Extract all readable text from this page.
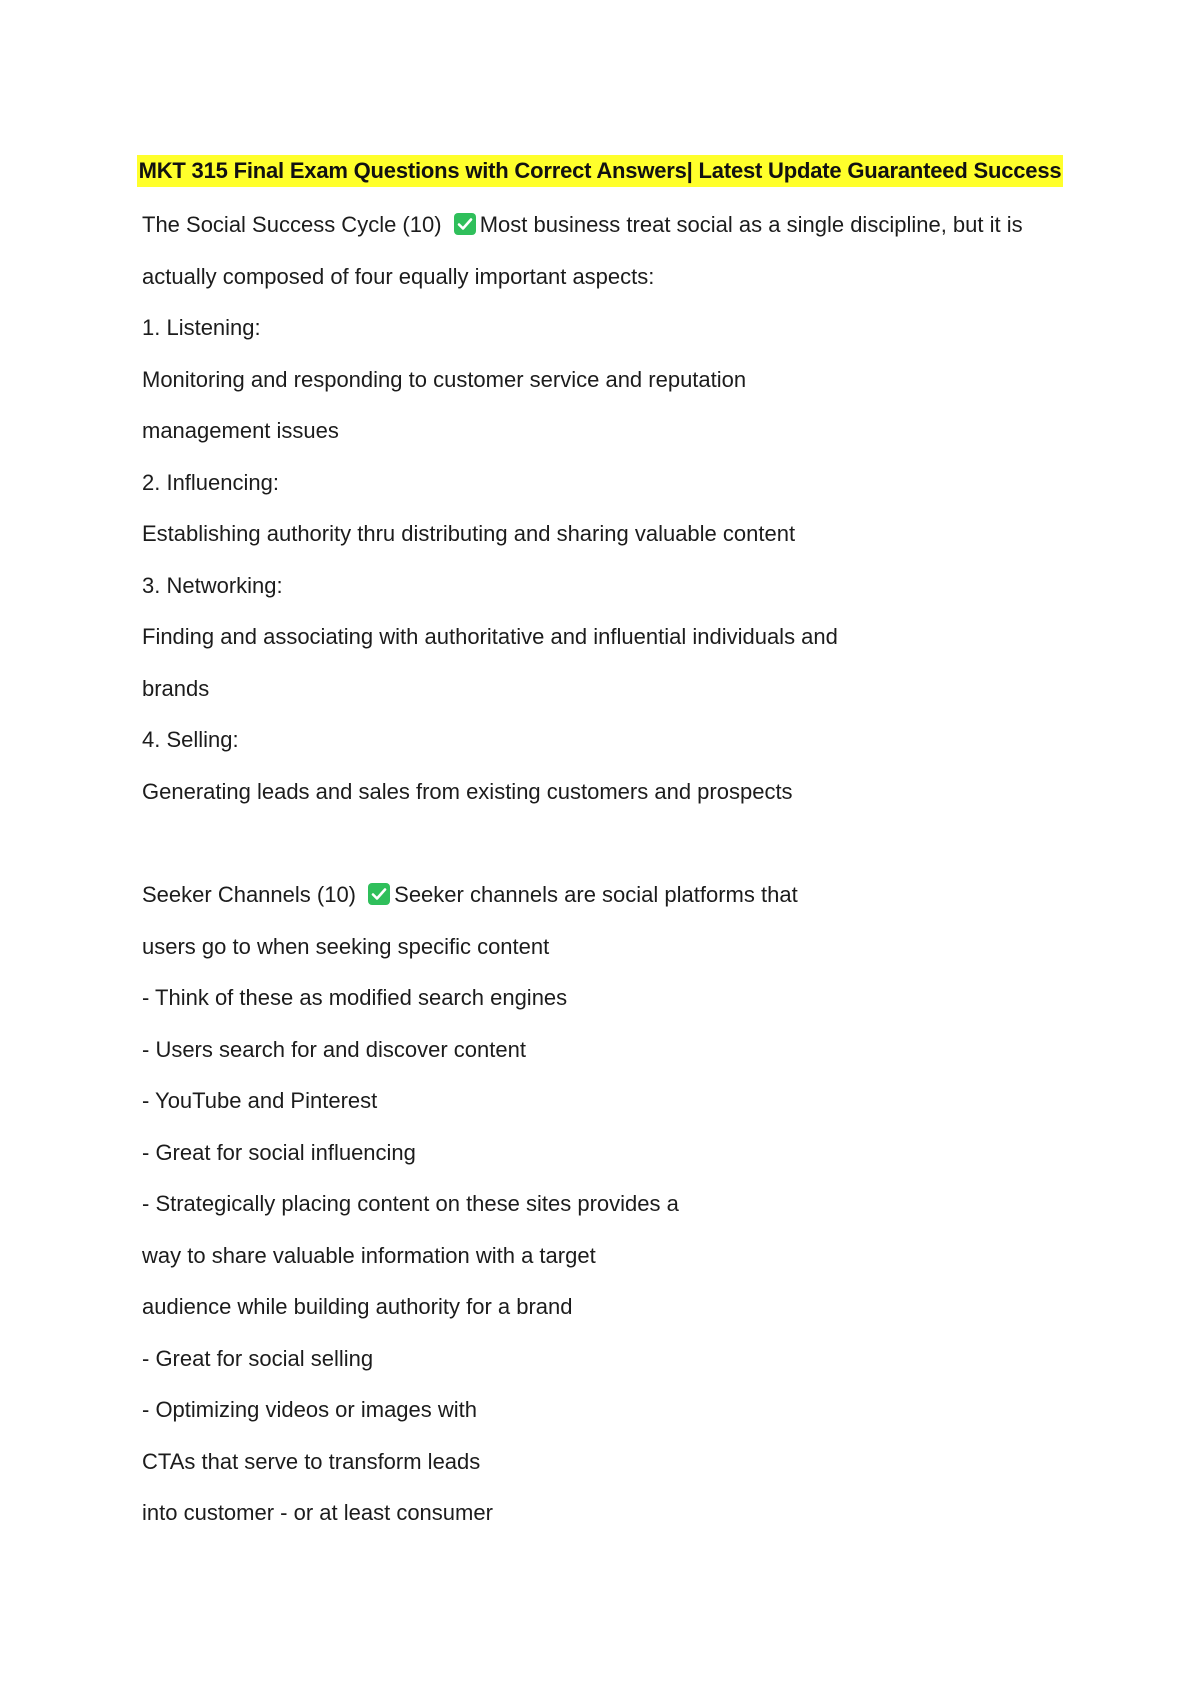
MKT 315 Final Exam Questions with Correct Answers| Latest Update Guaranteed Success
The Social Success Cycle (10) Most business treat social as a single discipline, but it is
actually composed of four equally important aspects:
1. Listening:
Monitoring and responding to customer service and reputation
management issues
2. Influencing:
Establishing authority thru distributing and sharing valuable content
3. Networking:
Finding and associating with authoritative and influential individuals and
brands
4. Selling:
Generating leads and sales from existing customers and prospects
Seeker Channels (10) Seeker channels are social platforms that
users go to when seeking specific content
- Think of these as modified search engines
- Users search for and discover content
- YouTube and Pinterest
- Great for social influencing
- Strategically placing content on these sites provides a
way to share valuable information with a target
audience while building authority for a brand
- Great for social selling
- Optimizing videos or images with
CTAs that serve to transform leads
into customer - or at least consumer
